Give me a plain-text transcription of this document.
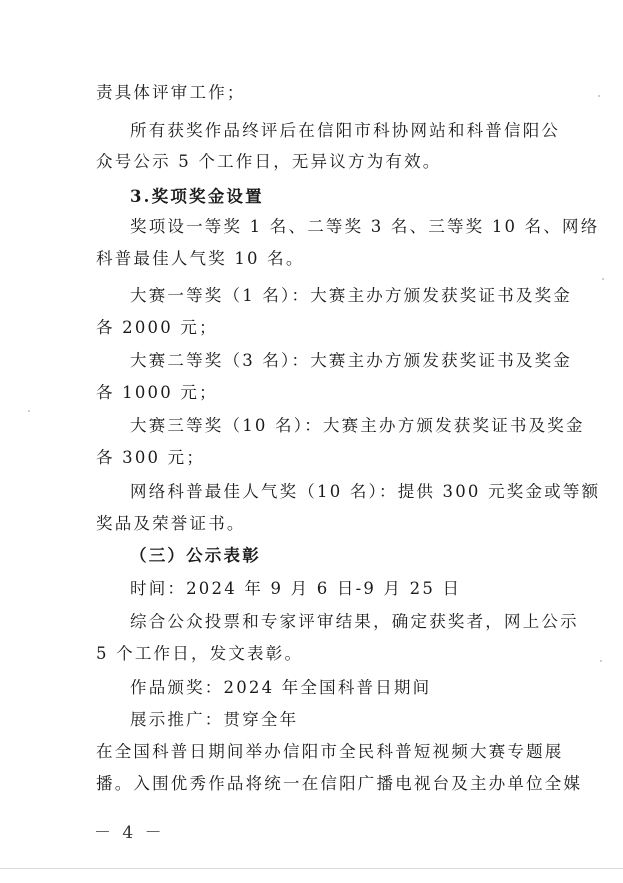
责具体评审工作；
所有获奖作品终评后在信阳市科协网站和科普信阳公
众号公示 5 个工作日，无异议方为有效。
3.奖项奖金设置
奖项设一等奖 1 名、二等奖 3 名、三等奖 10 名、网络
科普最佳人气奖 10 名。
大赛一等奖（1 名）：大赛主办方颁发获奖证书及奖金
各 2000 元；
大赛二等奖（3 名）：大赛主办方颁发获奖证书及奖金
各 1000 元；
大赛三等奖（10 名）：大赛主办方颁发获奖证书及奖金
各 300 元；
网络科普最佳人气奖（10 名）：提供 300 元奖金或等额
奖品及荣誉证书。
（三）公示表彰
时间：2024 年 9 月 6 日-9 月 25 日
综合公众投票和专家评审结果，确定获奖者，网上公示
5 个工作日，发文表彰。
作品颁奖：2024 年全国科普日期间
展示推广：贯穿全年
在全国科普日期间举办信阳市全民科普短视频大赛专题展
播。入围优秀作品将统一在信阳广播电视台及主办单位全媒
－ 4 －
